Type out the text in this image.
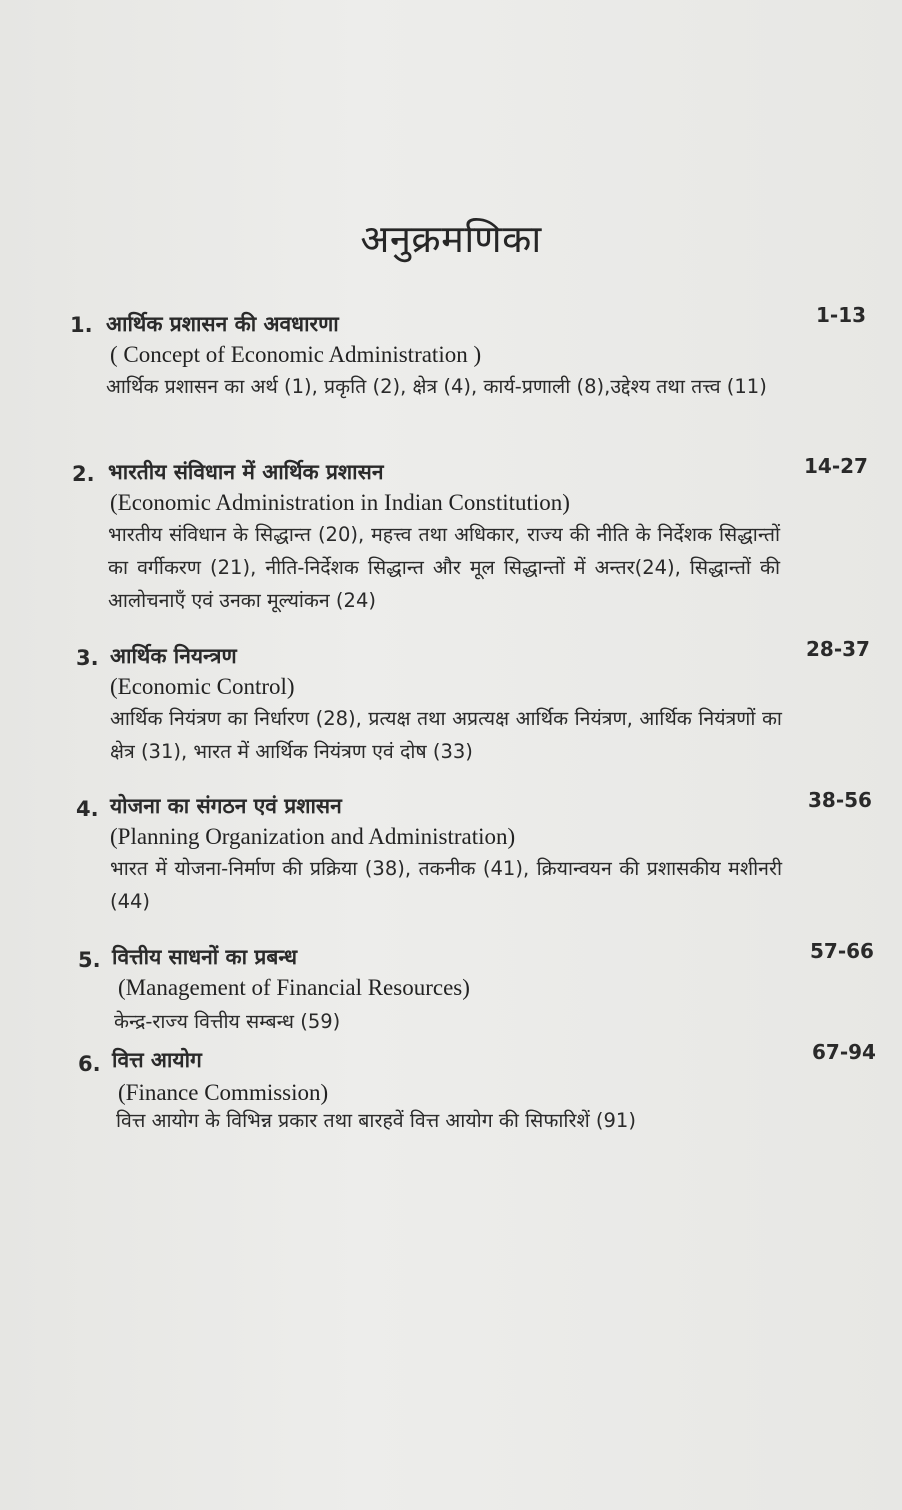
अनुक्रमणिका
1. आर्थिक प्रशासन की अवधारणा	1-13
( Concept of Economic Administration )
आर्थिक प्रशासन का अर्थ (1), प्रकृति (2), क्षेत्र (4), कार्य-प्रणाली (8),उद्देश्य तथा तत्त्व (11)
2. भारतीय संविधान में आर्थिक प्रशासन	14-27
(Economic Administration in Indian Constitution)
भारतीय संविधान के सिद्धान्त (20), महत्त्व तथा अधिकार, राज्य की नीति के निर्देशक सिद्धान्तों का वर्गीकरण (21), नीति-निर्देशक सिद्धान्त और मूल सिद्धान्तों में अन्तर(24), सिद्धान्तों की आलोचनाएँ एवं उनका मूल्यांकन (24)
3. आर्थिक नियन्त्रण	28-37
(Economic Control)
आर्थिक नियंत्रण का निर्धारण (28), प्रत्यक्ष तथा अप्रत्यक्ष आर्थिक नियंत्रण, आर्थिक नियंत्रणों का क्षेत्र (31), भारत में आर्थिक नियंत्रण एवं दोष (33)
4. योजना का संगठन एवं प्रशासन	38-56
(Planning Organization and Administration)
भारत में योजना-निर्माण की प्रक्रिया (38), तकनीक (41), क्रियान्वयन की प्रशासकीय मशीनरी (44)
5. वित्तीय साधनों का प्रबन्ध	57-66
(Management of Financial Resources)
केन्द्र-राज्य वित्तीय सम्बन्ध (59)
6. वित्त आयोग	67-94
(Finance Commission)
वित्त आयोग के विभिन्न प्रकार तथा बारहवें वित्त आयोग की सिफारिशें (91)
